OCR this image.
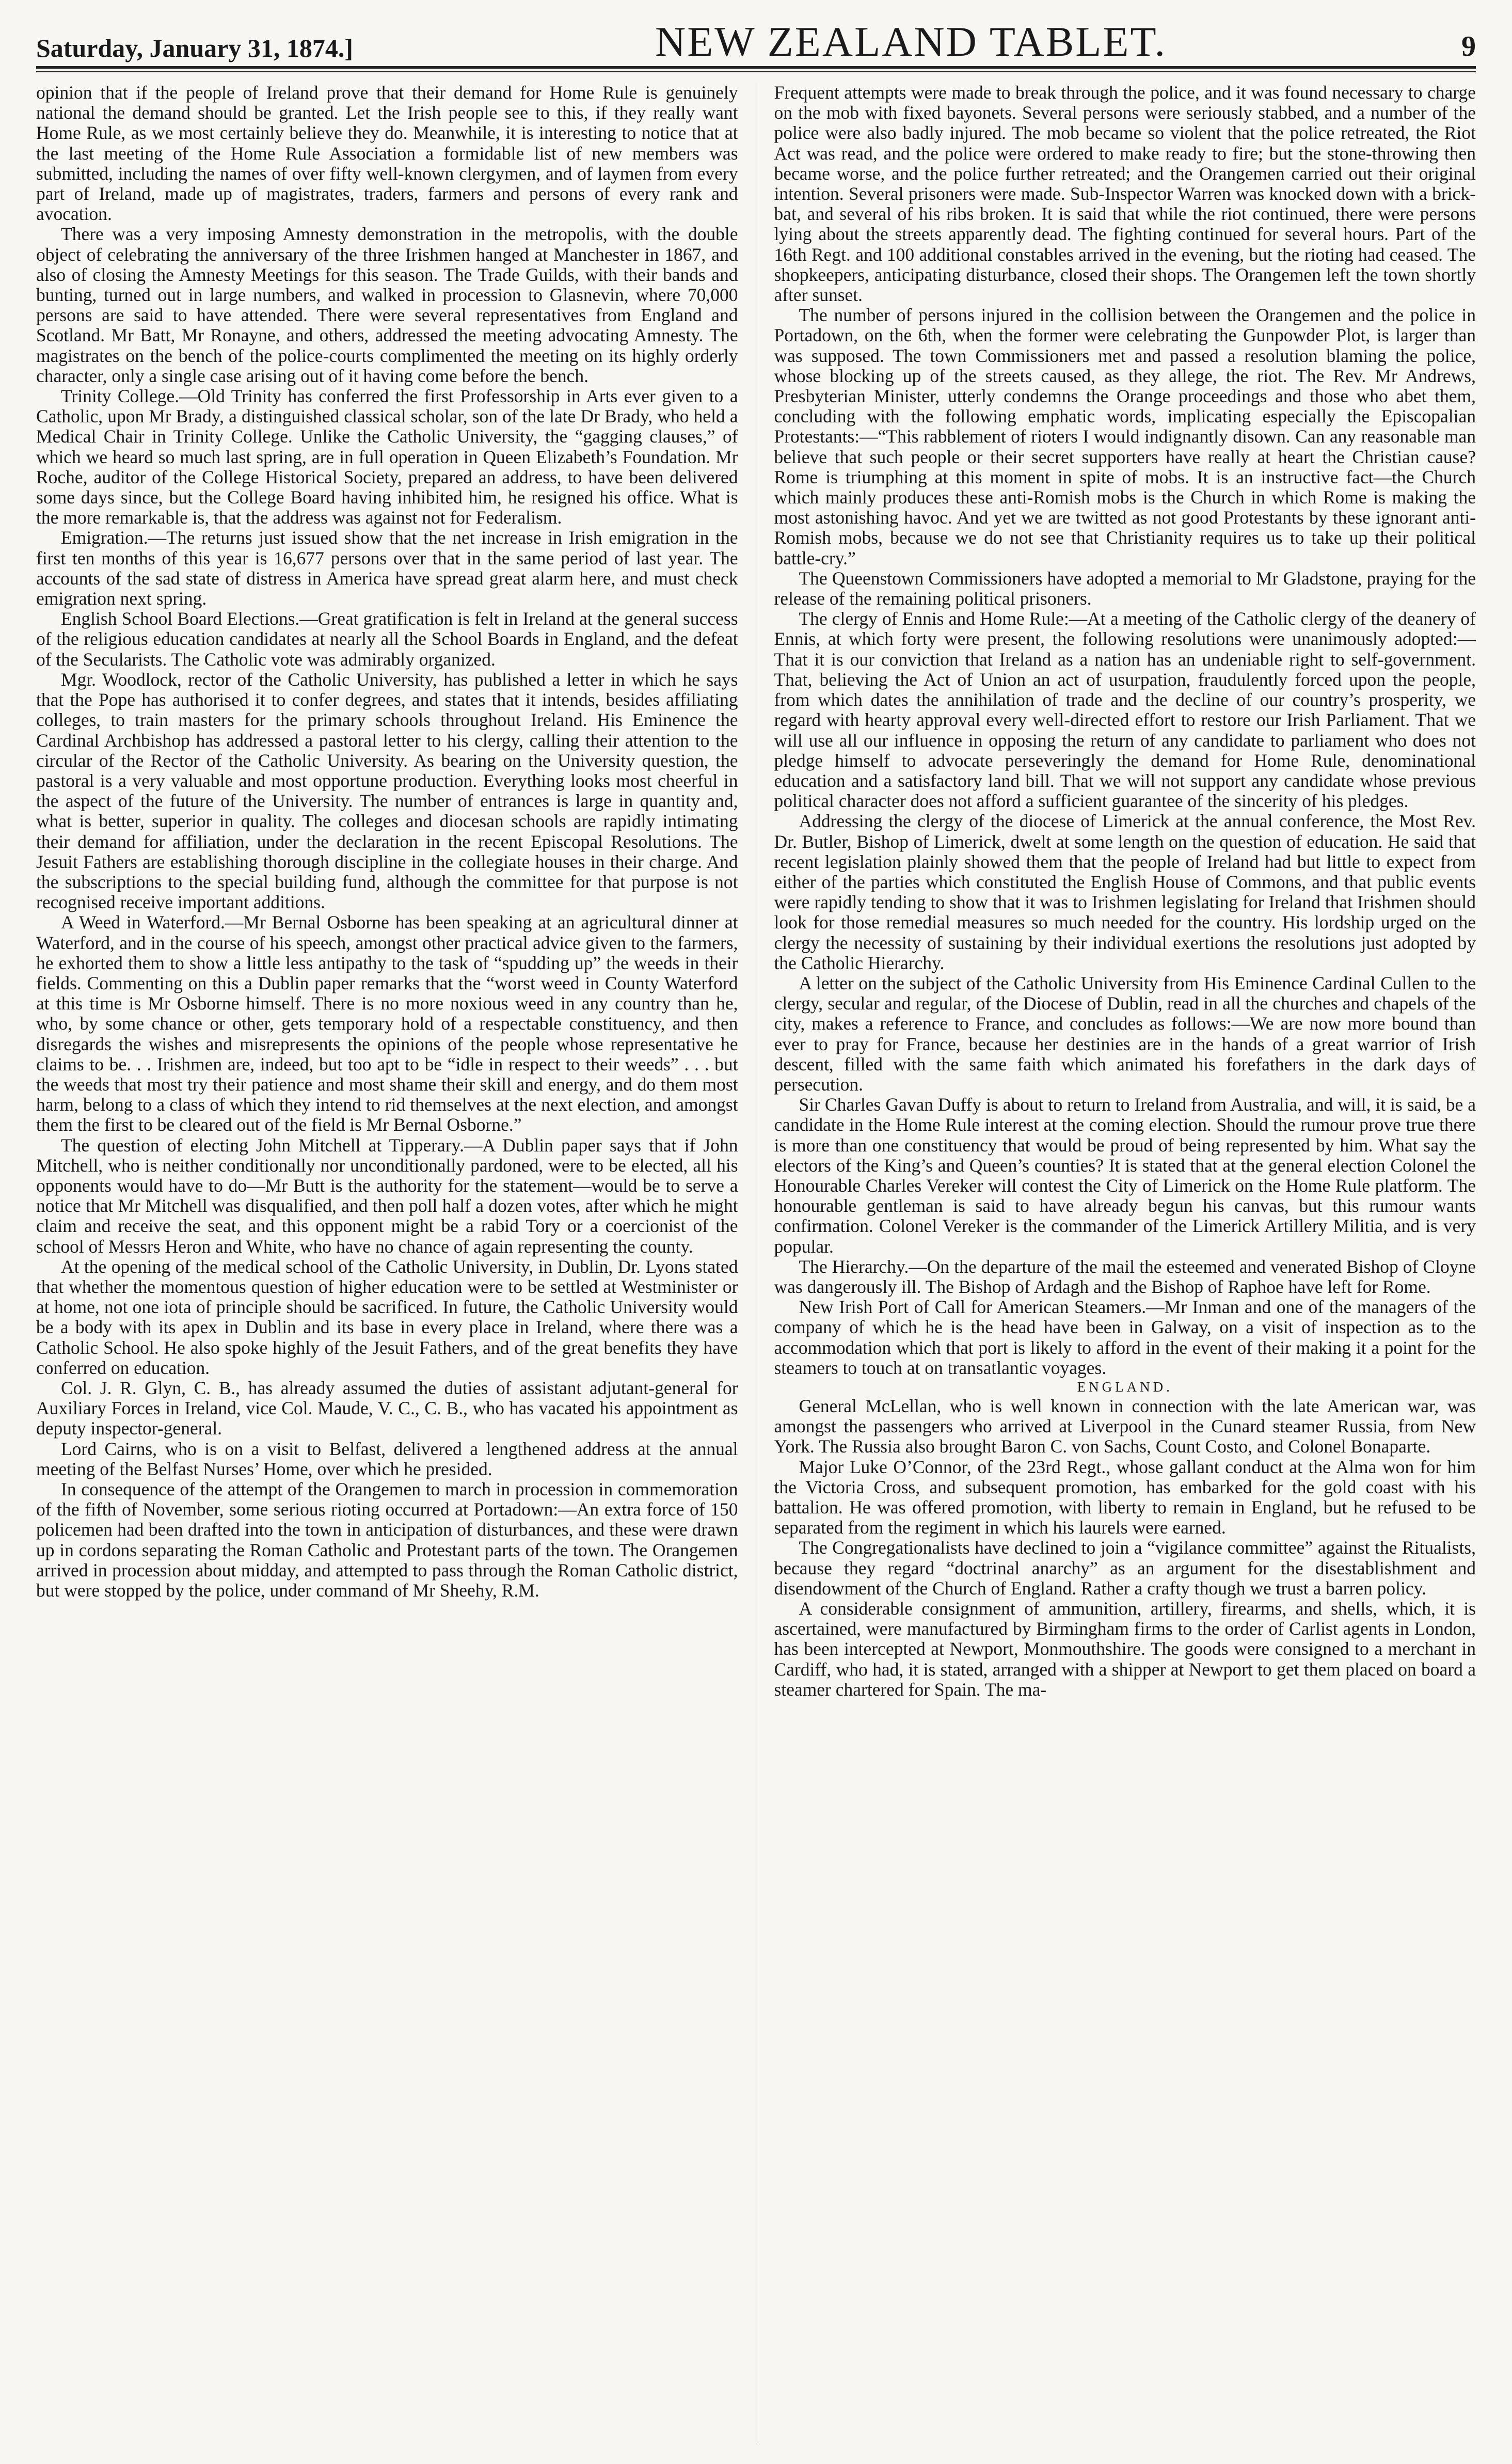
Saturday, January 31, 1874.]	NEW ZEALAND TABLET.	9

opinion that if the people of Ireland prove that their demand for Home Rule is genuinely national the demand should be granted. Let the Irish people see to this, if they really want Home Rule, as we most certainly believe they do. Meanwhile, it is interesting to notice that at the last meeting of the Home Rule Association a formidable list of new members was submitted, including the names of over fifty well-known clergymen, and of laymen from every part of Ireland, made up of magistrates, traders, farmers and persons of every rank and avocation.

There was a very imposing Amnesty demonstration in the metropolis, with the double object of celebrating the anniversary of the three Irishmen hanged at Manchester in 1867, and also of closing the Amnesty Meetings for this season. The Trade Guilds, with their bands and bunting, turned out in large numbers, and walked in procession to Glasnevin, where 70,000 persons are said to have attended. There were several representatives from England and Scotland. Mr Batt, Mr Ronayne, and others, addressed the meeting advocating Amnesty. The magistrates on the bench of the police-courts complimented the meeting on its highly orderly character, only a single case arising out of it having come before the bench.

Trinity College.—Old Trinity has conferred the first Professorship in Arts ever given to a Catholic, upon Mr Brady, a distinguished classical scholar, son of the late Dr Brady, who held a Medical Chair in Trinity College. Unlike the Catholic University, the “gagging clauses,” of which we heard so much last spring, are in full operation in Queen Elizabeth’s Foundation. Mr Roche, auditor of the College Historical Society, prepared an address, to have been delivered some days since, but the College Board having inhibited him, he resigned his office. What is the more remarkable is, that the address was against not for Federalism.

Emigration.—The returns just issued show that the net increase in Irish emigration in the first ten months of this year is 16,677 persons over that in the same period of last year. The accounts of the sad state of distress in America have spread great alarm here, and must check emigration next spring.

English School Board Elections.—Great gratification is felt in Ireland at the general success of the religious education candidates at nearly all the School Boards in England, and the defeat of the Secularists. The Catholic vote was admirably organized.

Mgr. Woodlock, rector of the Catholic University, has published a letter in which he says that the Pope has authorised it to confer degrees, and states that it intends, besides affiliating colleges, to train masters for the primary schools throughout Ireland. His Eminence the Cardinal Archbishop has addressed a pastoral letter to his clergy, calling their attention to the circular of the Rector of the Catholic University. As bearing on the University question, the pastoral is a very valuable and most opportune production. Everything looks most cheerful in the aspect of the future of the University. The number of entrances is large in quantity and, what is better, superior in quality. The colleges and diocesan schools are rapidly intimating their demand for affiliation, under the declaration in the recent Episcopal Resolutions. The Jesuit Fathers are establishing thorough discipline in the collegiate houses in their charge. And the subscriptions to the special building fund, although the committee for that purpose is not recognised receive important additions.

A Weed in Waterford.—Mr Bernal Osborne has been speaking at an agricultural dinner at Waterford, and in the course of his speech, amongst other practical advice given to the farmers, he exhorted them to show a little less antipathy to the task of “spudding up” the weeds in their fields. Commenting on this a Dublin paper remarks that the “worst weed in County Waterford at this time is Mr Osborne himself. There is no more noxious weed in any country than he, who, by some chance or other, gets temporary hold of a respectable constituency, and then disregards the wishes and misrepresents the opinions of the people whose representative he claims to be. . . Irishmen are, indeed, but too apt to be “idle in respect to their weeds” . . . but the weeds that most try their patience and most shame their skill and energy, and do them most harm, belong to a class of which they intend to rid themselves at the next election, and amongst them the first to be cleared out of the field is Mr Bernal Osborne.”

The question of electing John Mitchell at Tipperary.—A Dublin paper says that if John Mitchell, who is neither conditionally nor unconditionally pardoned, were to be elected, all his opponents would have to do—Mr Butt is the authority for the statement—would be to serve a notice that Mr Mitchell was disqualified, and then poll half a dozen votes, after which he might claim and receive the seat, and this opponent might be a rabid Tory or a coercionist of the school of Messrs Heron and White, who have no chance of again representing the county.

At the opening of the medical school of the Catholic University, in Dublin, Dr. Lyons stated that whether the momentous question of higher education were to be settled at Westminister or at home, not one iota of principle should be sacrificed. In future, the Catholic University would be a body with its apex in Dublin and its base in every place in Ireland, where there was a Catholic School. He also spoke highly of the Jesuit Fathers, and of the great benefits they have conferred on education.

Col. J. R. Glyn, C. B., has already assumed the duties of assistant adjutant-general for Auxiliary Forces in Ireland, vice Col. Maude, V. C., C. B., who has vacated his appointment as deputy inspector-general.

Lord Cairns, who is on a visit to Belfast, delivered a lengthened address at the annual meeting of the Belfast Nurses’ Home, over which he presided.

In consequence of the attempt of the Orangemen to march in procession in commemoration of the fifth of November, some serious rioting occurred at Portadown:—An extra force of 150 policemen had been drafted into the town in anticipation of disturbances, and these were drawn up in cordons separating the Roman Catholic and Protestant parts of the town. The Orangemen arrived in procession about midday, and attempted to pass through the Roman Catholic district, but were stopped by the police, under command of Mr Sheehy, R.M.

Frequent attempts were made to break through the police, and it was found necessary to charge on the mob with fixed bayonets. Several persons were seriously stabbed, and a number of the police were also badly injured. The mob became so violent that the police retreated, the Riot Act was read, and the police were ordered to make ready to fire; but the stone-throwing then became worse, and the police further retreated; and the Orangemen carried out their original intention. Several prisoners were made. Sub-Inspector Warren was knocked down with a brick-bat, and several of his ribs broken. It is said that while the riot continued, there were persons lying about the streets apparently dead. The fighting continued for several hours. Part of the 16th Regt. and 100 additional constables arrived in the evening, but the rioting had ceased. The shopkeepers, anticipating disturbance, closed their shops. The Orangemen left the town shortly after sunset.

The number of persons injured in the collision between the Orangemen and the police in Portadown, on the 6th, when the former were celebrating the Gunpowder Plot, is larger than was supposed. The town Commissioners met and passed a resolution blaming the police, whose blocking up of the streets caused, as they allege, the riot. The Rev. Mr Andrews, Presbyterian Minister, utterly condemns the Orange proceedings and those who abet them, concluding with the following emphatic words, implicating especially the Episcopalian Protestants:—“This rabblement of rioters I would indignantly disown. Can any reasonable man believe that such people or their secret supporters have really at heart the Christian cause? Rome is triumphing at this moment in spite of mobs. It is an instructive fact—the Church which mainly produces these anti-Romish mobs is the Church in which Rome is making the most astonishing havoc. And yet we are twitted as not good Protestants by these ignorant anti-Romish mobs, because we do not see that Christianity requires us to take up their political battle-cry.”

The Queenstown Commissioners have adopted a memorial to Mr Gladstone, praying for the release of the remaining political prisoners.

The clergy of Ennis and Home Rule:—At a meeting of the Catholic clergy of the deanery of Ennis, at which forty were present, the following resolutions were unanimously adopted:—That it is our conviction that Ireland as a nation has an undeniable right to self-government. That, believing the Act of Union an act of usurpation, fraudulently forced upon the people, from which dates the annihilation of trade and the decline of our country’s prosperity, we regard with hearty approval every well-directed effort to restore our Irish Parliament. That we will use all our influence in opposing the return of any candidate to parliament who does not pledge himself to advocate perseveringly the demand for Home Rule, denominational education and a satisfactory land bill. That we will not support any candidate whose previous political character does not afford a sufficient guarantee of the sincerity of his pledges.

Addressing the clergy of the diocese of Limerick at the annual conference, the Most Rev. Dr. Butler, Bishop of Limerick, dwelt at some length on the question of education. He said that recent legislation plainly showed them that the people of Ireland had but little to expect from either of the parties which constituted the English House of Commons, and that public events were rapidly tending to show that it was to Irishmen legislating for Ireland that Irishmen should look for those remedial measures so much needed for the country. His lordship urged on the clergy the necessity of sustaining by their individual exertions the resolutions just adopted by the Catholic Hierarchy.

A letter on the subject of the Catholic University from His Eminence Cardinal Cullen to the clergy, secular and regular, of the Diocese of Dublin, read in all the churches and chapels of the city, makes a reference to France, and concludes as follows:—We are now more bound than ever to pray for France, because her destinies are in the hands of a great warrior of Irish descent, filled with the same faith which animated his forefathers in the dark days of persecution.

Sir Charles Gavan Duffy is about to return to Ireland from Australia, and will, it is said, be a candidate in the Home Rule interest at the coming election. Should the rumour prove true there is more than one constituency that would be proud of being represented by him. What say the electors of the King’s and Queen’s counties? It is stated that at the general election Colonel the Honourable Charles Vereker will contest the City of Limerick on the Home Rule platform. The honourable gentleman is said to have already begun his canvas, but this rumour wants confirmation. Colonel Vereker is the commander of the Limerick Artillery Militia, and is very popular.

The Hierarchy.—On the departure of the mail the esteemed and venerated Bishop of Cloyne was dangerously ill. The Bishop of Ardagh and the Bishop of Raphoe have left for Rome.

New Irish Port of Call for American Steamers.—Mr Inman and one of the managers of the company of which he is the head have been in Galway, on a visit of inspection as to the accommodation which that port is likely to afford in the event of their making it a point for the steamers to touch at on transatlantic voyages.

ENGLAND.

General McLellan, who is well known in connection with the late American war, was amongst the passengers who arrived at Liverpool in the Cunard steamer Russia, from New York. The Russia also brought Baron C. von Sachs, Count Costo, and Colonel Bonaparte.

Major Luke O’Connor, of the 23rd Regt., whose gallant conduct at the Alma won for him the Victoria Cross, and subsequent promotion, has embarked for the gold coast with his battalion. He was offered promotion, with liberty to remain in England, but he refused to be separated from the regiment in which his laurels were earned.

The Congregationalists have declined to join a “vigilance committee” against the Ritualists, because they regard “doctrinal anarchy” as an argument for the disestablishment and disendowment of the Church of England. Rather a crafty though we trust a barren policy.

A considerable consignment of ammunition, artillery, firearms, and shells, which, it is ascertained, were manufactured by Birmingham firms to the order of Carlist agents in London, has been intercepted at Newport, Monmouthshire. The goods were consigned to a merchant in Cardiff, who had, it is stated, arranged with a shipper at Newport to get them placed on board a steamer chartered for Spain. The ma-
